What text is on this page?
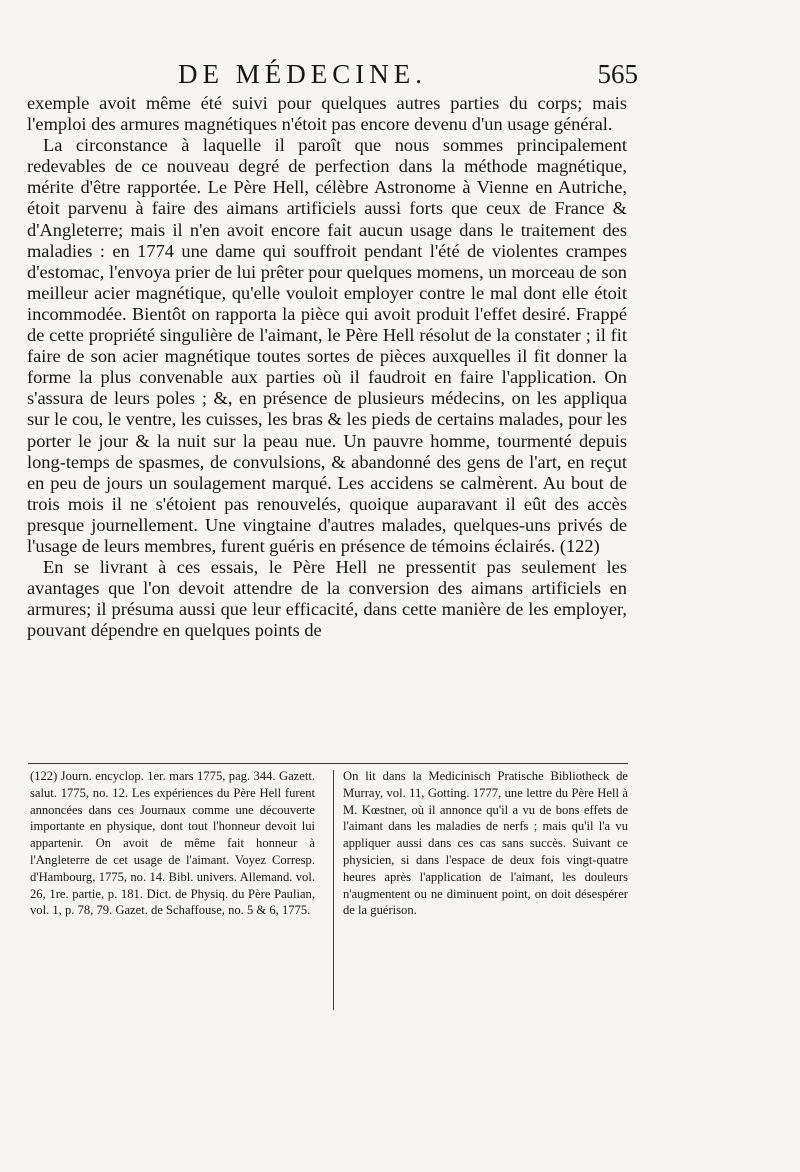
DE MÉDECINE.	565

exemple avoit même été suivi pour quelques autres parties du corps; mais l'emploi des armures magnétiques n'étoit pas encore devenu d'un usage général.

La circonstance à laquelle il paroît que nous sommes principalement redevables de ce nouveau degré de perfection dans la méthode magnétique, mérite d'être rapportée. Le Père Hell, célèbre Astronome à Vienne en Autriche, étoit parvenu à faire des aimans artificiels aussi forts que ceux de France & d'Angleterre; mais il n'en avoit encore fait aucun usage dans le traitement des maladies : en 1774 une dame qui souffroit pendant l'été de violentes crampes d'estomac, l'envoya prier de lui prêter pour quelques momens, un morceau de son meilleur acier magnétique, qu'elle vouloit employer contre le mal dont elle étoit incommodée. Bientôt on rapporta la pièce qui avoit produit l'effet desiré. Frappé de cette propriété singulière de l'aimant, le Père Hell résolut de la constater ; il fit faire de son acier magnétique toutes sortes de pièces auxquelles il fit donner la forme la plus convenable aux parties où il faudroit en faire l'application. On s'assura de leurs poles ; &, en présence de plusieurs médecins, on les appliqua sur le cou, le ventre, les cuisses, les bras & les pieds de certains malades, pour les porter le jour & la nuit sur la peau nue. Un pauvre homme, tourmenté depuis long-temps de spasmes, de convulsions, & abandonné des gens de l'art, en reçut en peu de jours un soulagement marqué. Les accidens se calmèrent. Au bout de trois mois il ne s'étoient pas renouvelés, quoique auparavant il eût des accès presque journellement. Une vingtaine d'autres malades, quelques-uns privés de l'usage de leurs membres, furent guéris en présence de témoins éclairés. (122)

En se livrant à ces essais, le Père Hell ne pressentit pas seulement les avantages que l'on devoit attendre de la conversion des aimans artificiels en armures; il présuma aussi que leur efficacité, dans cette manière de les employer, pouvant dépendre en quelques points de

(122) Journ. encyclop. 1er. mars 1775, pag. 344. Gazett. salut. 1775, no. 12. Les expériences du Père Hell furent annoncées dans ces Journaux comme une découverte importante en physique, dont tout l'honneur devoit lui appartenir. On avoit de même fait honneur à l'Angleterre de cet usage de l'aimant. Voyez Corresp. d'Hambourg, 1775, no. 14. Bibl. univers. Allemand. vol. 26, 1re. partie, p. 181. Dict. de Physiq. du Père Paulian, vol. 1, p. 78, 79. Gazet. de Schaffouse, no. 5 & 6, 1775.

On lit dans la Medicinisch Pratische Bibliotheck de Murray, vol. 11, Gotting. 1777, une lettre du Père Hell à M. Kœstner, où il annonce qu'il a vu de bons effets de l'aimant dans les maladies de nerfs ; mais qu'il l'a vu appliquer aussi dans ces cas sans succès. Suivant ce physicien, si dans l'espace de deux fois vingt-quatre heures après l'application de l'aimant, les douleurs n'augmentent ou ne diminuent point, on doit désespérer de la guérison.
